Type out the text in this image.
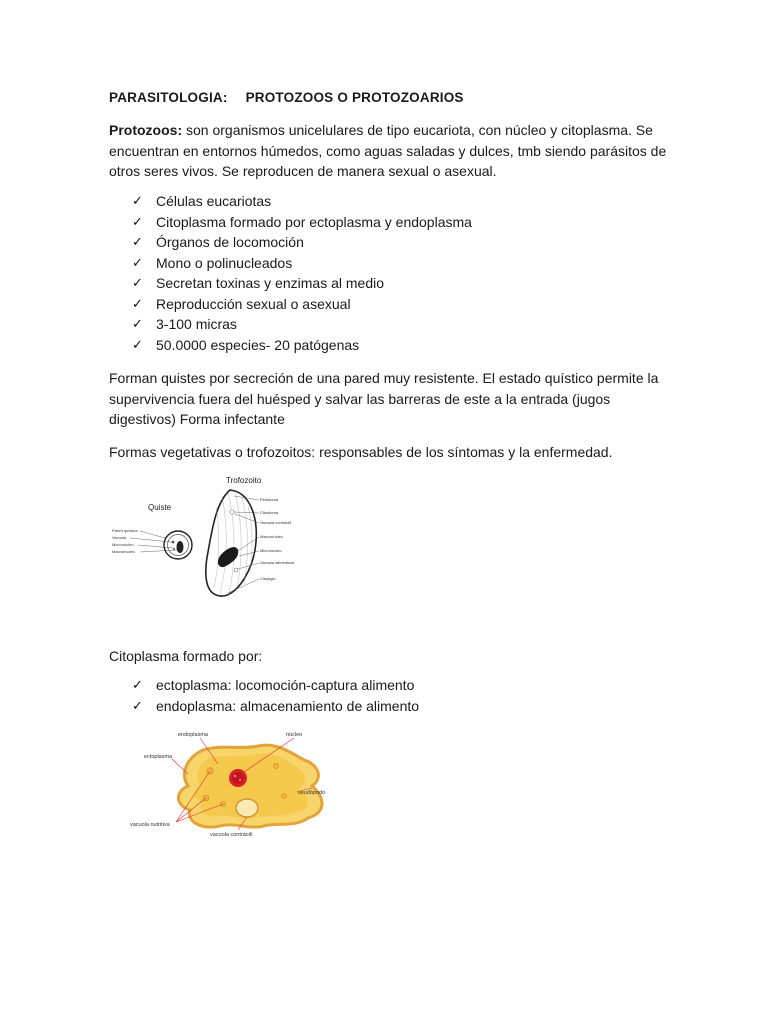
PARASITOLOGIA: PROTOZOOS O PROTOZOARIOS
Protozoos: son organismos unicelulares de tipo eucariota, con núcleo y citoplasma. Se encuentran en entornos húmedos, como aguas saladas y dulces, tmb siendo parásitos de otros seres vivos. Se reproducen de manera sexual o asexual.
✓ Células eucariotas
✓ Citoplasma formado por ectoplasma y endoplasma
✓ Órganos de locomoción
✓ Mono o polinucleados
✓ Secretan toxinas y enzimas al medio
✓ Reproducción sexual o asexual
✓ 3-100 micras
✓ 50.0000 especies- 20 patógenas
Forman quistes por secreción de una pared muy resistente. El estado quístico permite la supervivencia fuera del huésped y salvar las barreras de este a la entrada (jugos digestivos) Forma infectante
Formas vegetativas o trofozoitos: responsables de los síntomas y la enfermedad.
Quiste
Trofozoito
Pared quística
Vacuola
Micronúcleo
Macronúcleo
Peristoma
Citostoma
Vacuola contráctil
Macronúcleo
Micronúcleo
Vacuola alimenticia
Citopigio
Citoplasma formado por:
✓ ectoplasma: locomoción-captura alimento
✓ endoplasma: almacenamiento de alimento
endoplasma
ectoplasma
núcleo
seudópodo
vacuola nutritiva
vacuola contráctil
